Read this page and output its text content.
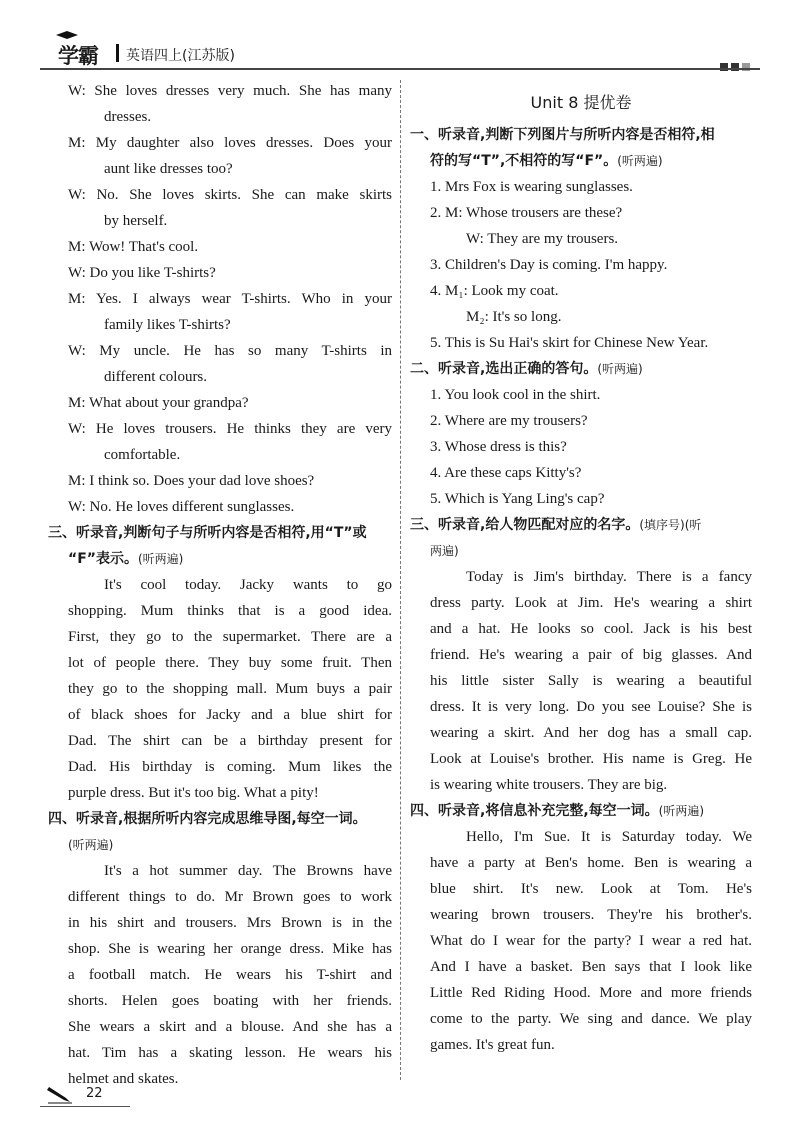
学霸 英语四上(江苏版)
W: She loves dresses very much. She has many
dresses.
M: My daughter also loves dresses. Does your
aunt like dresses too?
W: No. She loves skirts. She can make skirts
by herself.
M: Wow! That's cool.
W: Do you like T-shirts?
M: Yes. I always wear T-shirts. Who in your
family likes T-shirts?
W: My uncle. He has so many T-shirts in
different colours.
M: What about your grandpa?
W: He loves trousers. He thinks they are very
comfortable.
M: I think so. Does your dad love shoes?
W: No. He loves different sunglasses.
三、听录音,判断句子与所听内容是否相符,用“T”或
“F”表示。(听两遍)
It's cool today. Jacky wants to go
shopping. Mum thinks that is a good idea.
First, they go to the supermarket. There are a
lot of people there. They buy some fruit. Then
they go to the shopping mall. Mum buys a pair
of black shoes for Jacky and a blue shirt for
Dad. The shirt can be a birthday present for
Dad. His birthday is coming. Mum likes the
purple dress. But it's too big. What a pity!
四、听录音,根据所听内容完成思维导图,每空一词。
(听两遍)
It's a hot summer day. The Browns have
different things to do. Mr Brown goes to work
in his shirt and trousers. Mrs Brown is in the
shop. She is wearing her orange dress. Mike has
a football match. He wears his T-shirt and
shorts. Helen goes boating with her friends.
She wears a skirt and a blouse. And she has a
hat. Tim has a skating lesson. He wears his
helmet and skates.
Unit 8 提优卷
一、听录音,判断下列图片与所听内容是否相符,相
符的写“T”,不相符的写“F”。(听两遍)
1. Mrs Fox is wearing sunglasses.
2. M: Whose trousers are these?
W: They are my trousers.
3. Children's Day is coming. I'm happy.
4. M₁: Look my coat.
M₂: It's so long.
5. This is Su Hai's skirt for Chinese New Year.
二、听录音,选出正确的答句。(听两遍)
1. You look cool in the shirt.
2. Where are my trousers?
3. Whose dress is this?
4. Are these caps Kitty's?
5. Which is Yang Ling's cap?
三、听录音,给人物匹配对应的名字。(填序号)(听
两遍)
Today is Jim's birthday. There is a fancy
dress party. Look at Jim. He's wearing a shirt
and a hat. He looks so cool. Jack is his best
friend. He's wearing a pair of big glasses. And
his little sister Sally is wearing a beautiful
dress. It is very long. Do you see Louise? She is
wearing a skirt. And her dog has a small cap.
Look at Louise's brother. His name is Greg. He
is wearing white trousers. They are big.
四、听录音,将信息补充完整,每空一词。(听两遍)
Hello, I'm Sue. It is Saturday today. We
have a party at Ben's home. Ben is wearing a
blue shirt. It's new. Look at Tom. He's
wearing brown trousers. They're his brother's.
What do I wear for the party? I wear a red hat.
And I have a basket. Ben says that I look like
Little Red Riding Hood. More and more friends
come to the party. We sing and dance. We play
games. It's great fun.
22
